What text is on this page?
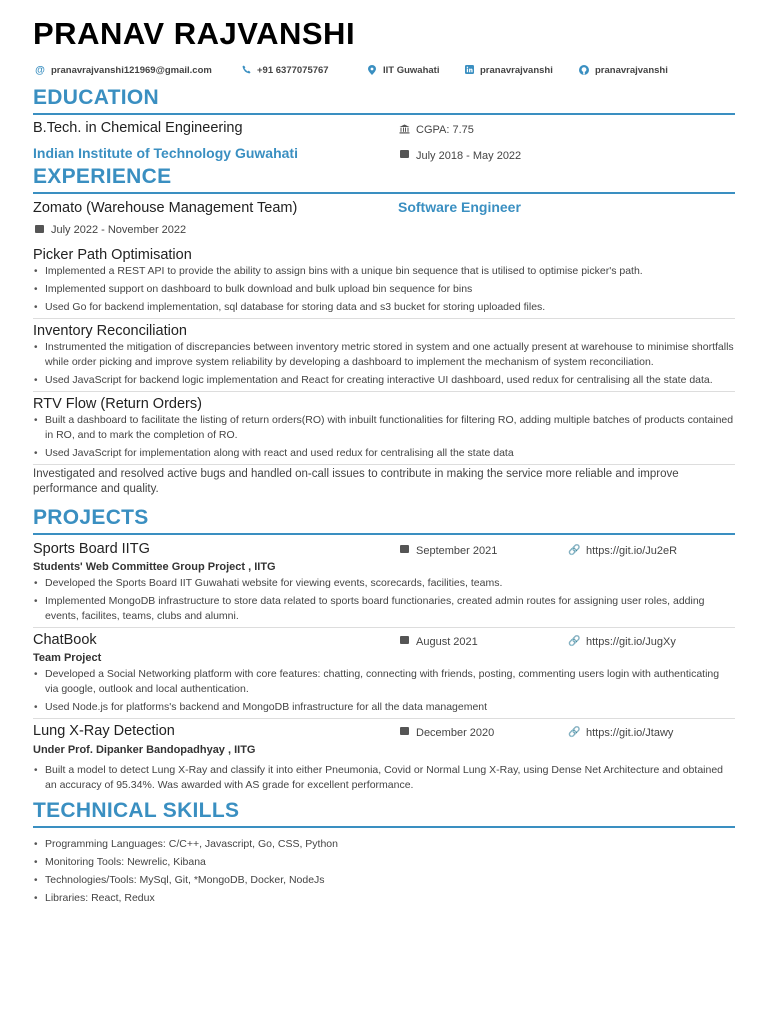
PRANAV RAJVANSHI
@ pranavrajvanshi121969@gmail.com	+91 6377075767	IIT Guwahati	pranavrajvanshi	pranavrajvanshi
EDUCATION
B.Tech. in Chemical Engineering	CGPA: 7.75
Indian Institute of Technology Guwahati	July 2018 - May 2022
EXPERIENCE
Zomato (Warehouse Management Team)	Software Engineer
July 2022 - November 2022
Picker Path Optimisation
• Implemented a REST API to provide the ability to assign bins with a unique bin sequence that is utilised to optimise picker's path.
• Implemented support on dashboard to bulk download and bulk upload bin sequence for bins
• Used Go for backend implementation, sql database for storing data and s3 bucket for storing uploaded files.
Inventory Reconciliation
• Instrumented the mitigation of discrepancies between inventory metric stored in system and one actually present at warehouse to minimise shortfalls while order picking and improve system reliability by developing a dashboard to implement the mechanism of system reconciliation.
• Used JavaScript for backend logic implementation and React for creating interactive UI dashboard, used redux for centralising all the state data.
RTV Flow (Return Orders)
• Built a dashboard to facilitate the listing of return orders(RO) with inbuilt functionalities for filtering RO, adding multiple batches of products contained in RO, and to mark the completion of RO.
• Used JavaScript for implementation along with react and used redux for centralising all the state data
Investigated and resolved active bugs and handled on-call issues to contribute in making the service more reliable and improve performance and quality.
PROJECTS
Sports Board IITG	September 2021	🔗 https://git.io/Ju2eR
Students' Web Committee Group Project , IITG
• Developed the Sports Board IIT Guwahati website for viewing events, scorecards, facilities, teams.
• Implemented MongoDB infrastructure to store data related to sports board functionaries, created admin routes for assigning user roles, adding events, facilites, teams, clubs and alumni.
ChatBook	August 2021	🔗 https://git.io/JugXy
Team Project
• Developed a Social Networking platform with core features: chatting, connecting with friends, posting, commenting users login with authenticating via google, outlook and local authentication.
• Used Node.js for platforms's backend and MongoDB infrastructure for all the data management
Lung X-Ray Detection	December 2020	🔗 https://git.io/Jtawy
Under Prof. Dipanker Bandopadhyay , IITG
• Built a model to detect Lung X-Ray and classify it into either Pneumonia, Covid or Normal Lung X-Ray, using Dense Net Architecture and obtained an accuracy of 95.34%. Was awarded with AS grade for excellent performance.
TECHNICAL SKILLS
• Programming Languages: C/C++, Javascript, Go, CSS, Python
• Monitoring Tools: Newrelic, Kibana
• Technologies/Tools: MySql, Git, *MongoDB, Docker, NodeJs
• Libraries: React, Redux
